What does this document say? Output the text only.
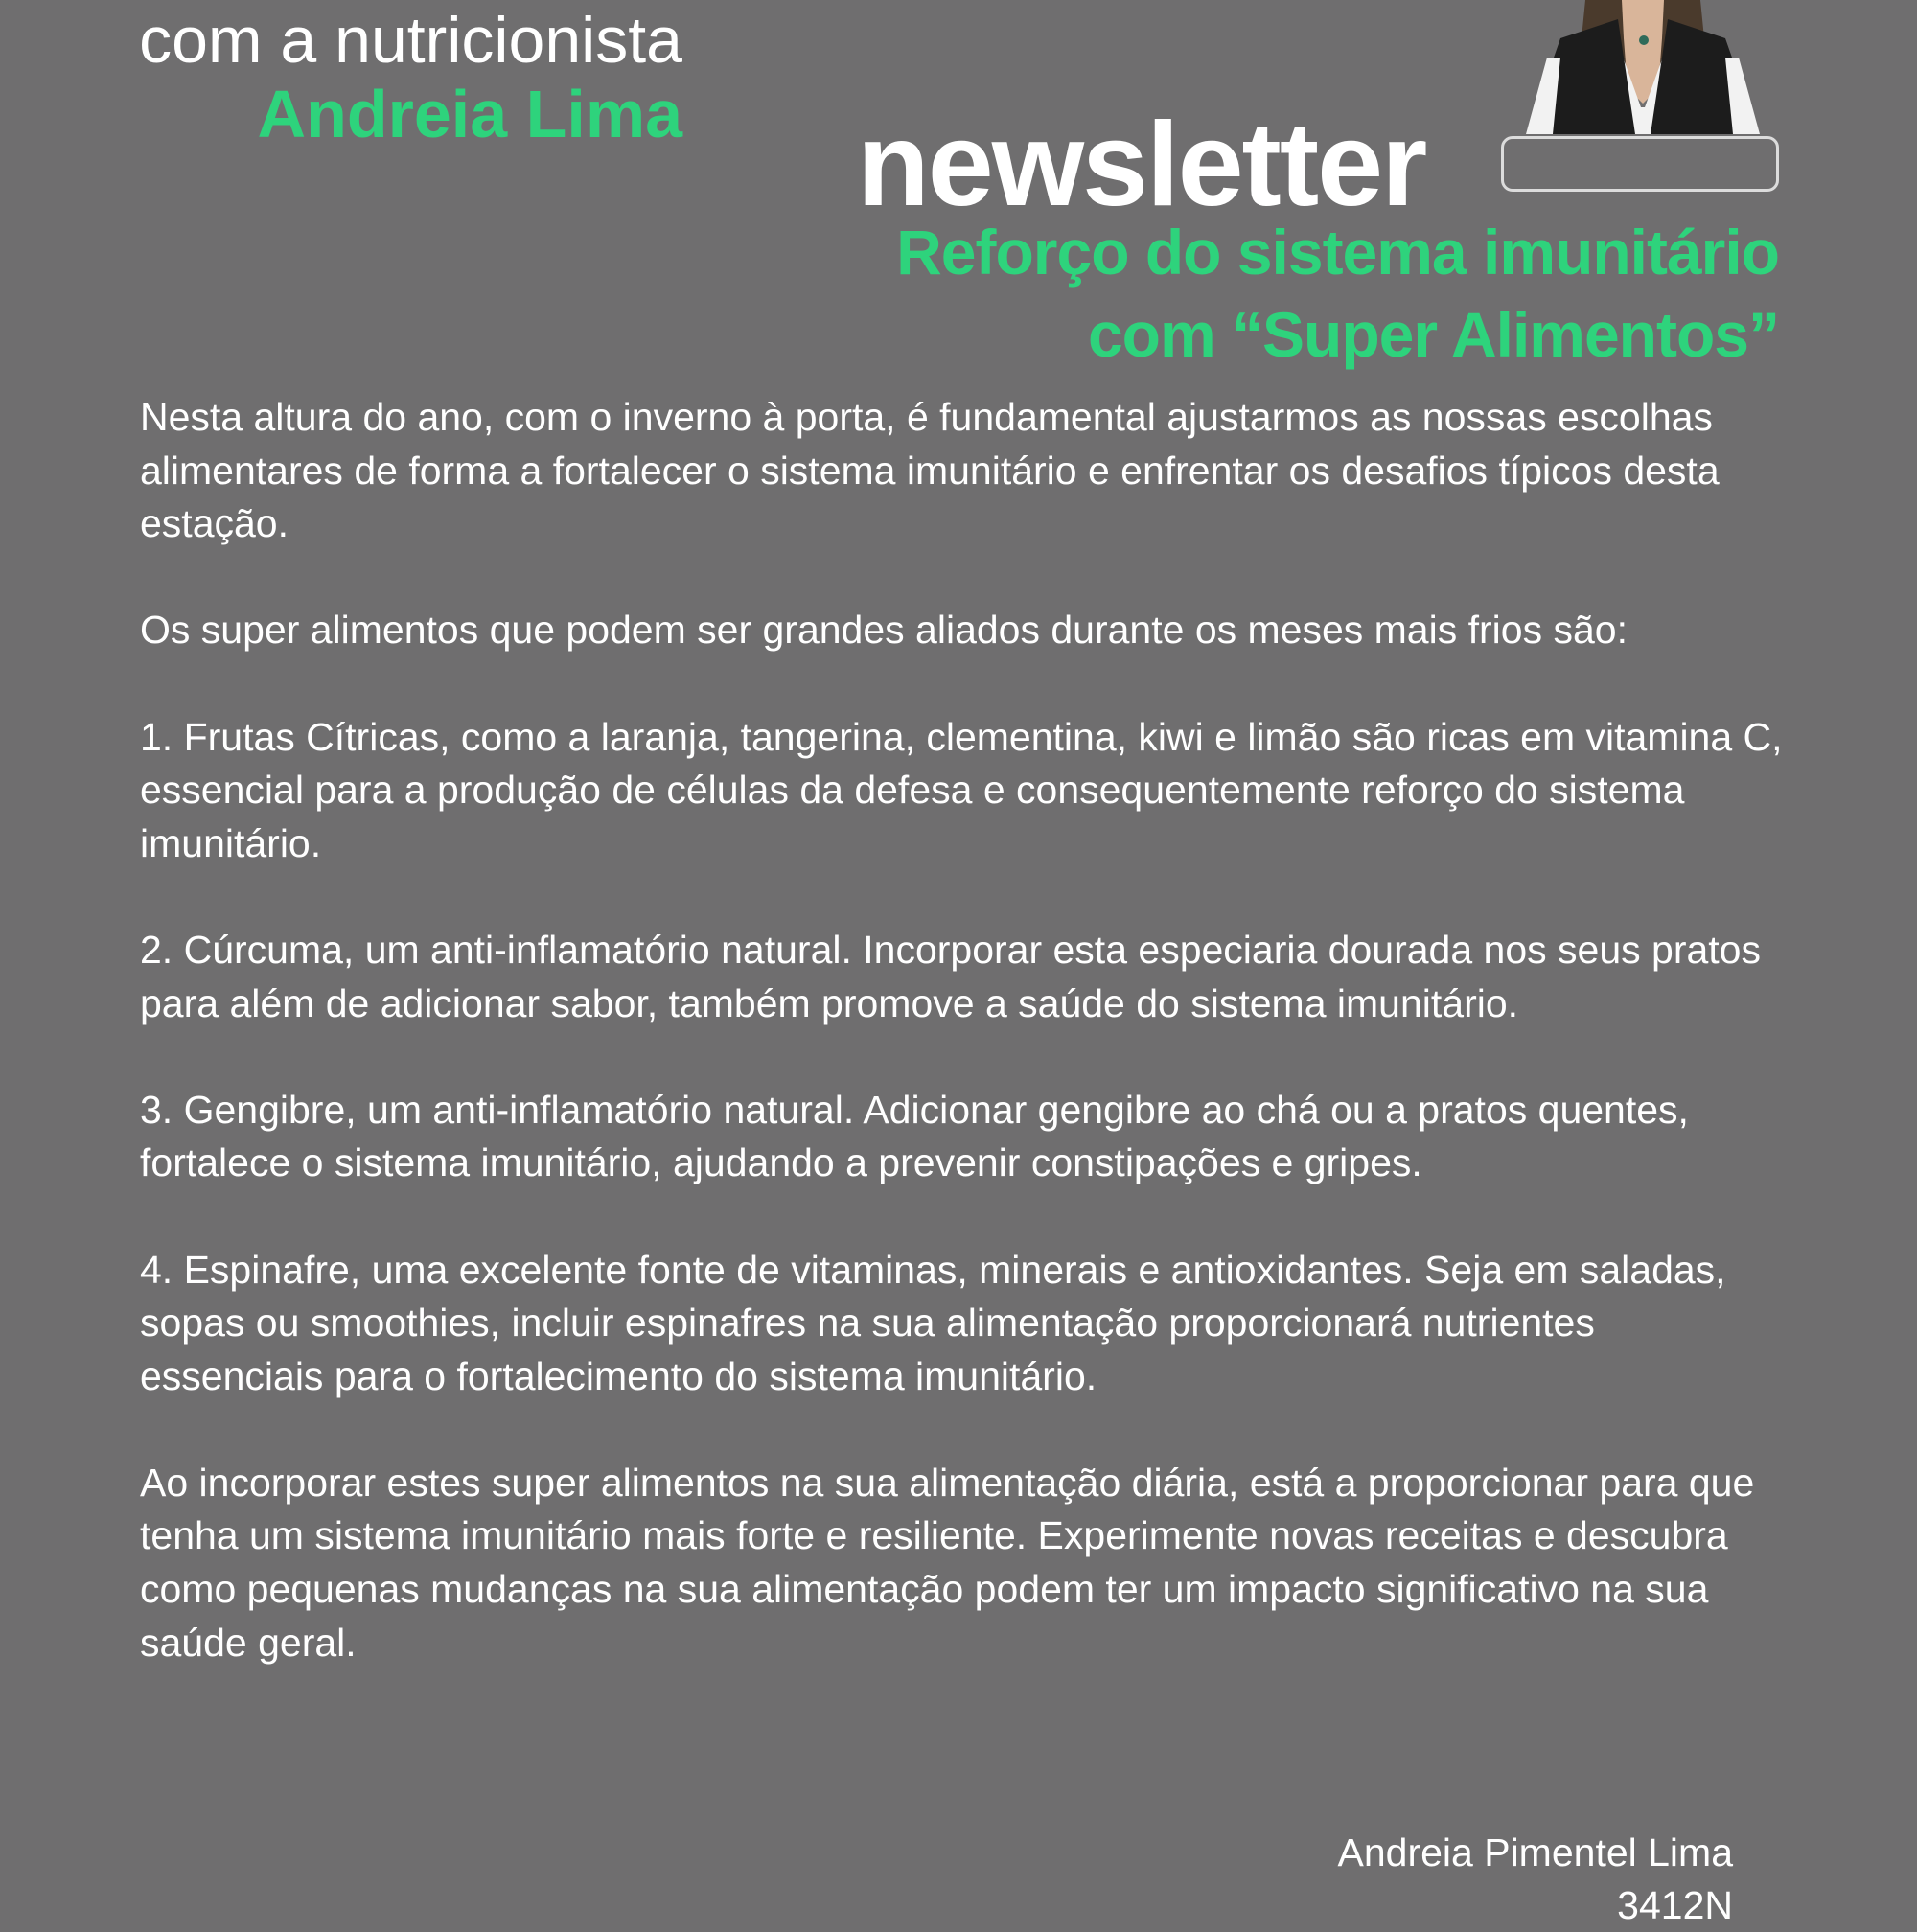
com a nutricionista
Andreia Lima newsletter
Reforço do sistema imunitário
com “Super Alimentos”

Nesta altura do ano, com o inverno à porta, é fundamental ajustarmos as nossas escolhas alimentares de forma a fortalecer o sistema imunitário e enfrentar os desafios típicos desta estação.

Os super alimentos que podem ser grandes aliados durante os meses mais frios são:

1. Frutas Cítricas, como a laranja, tangerina, clementina, kiwi e limão são ricas em vitamina C, essencial para a produção de células da defesa e consequentemente reforço do sistema imunitário.

2. Cúrcuma, um anti-inflamatório natural. Incorporar esta especiaria dourada nos seus pratos para além de adicionar sabor, também promove a saúde do sistema imunitário.

3. Gengibre, um anti-inflamatório natural. Adicionar gengibre ao chá ou a pratos quentes, fortalece o sistema imunitário, ajudando a prevenir constipações e gripes.

4. Espinafre, uma excelente fonte de vitaminas, minerais e antioxidantes. Seja em saladas, sopas ou smoothies, incluir espinafres na sua alimentação proporcionará nutrientes essenciais para o fortalecimento do sistema imunitário.

Ao incorporar estes super alimentos na sua alimentação diária, está a proporcionar para que tenha um sistema imunitário mais forte e resiliente. Experimente novas receitas e descubra como pequenas mudanças na sua alimentação podem ter um impacto significativo na sua saúde geral.

Andreia Pimentel Lima
3412N
